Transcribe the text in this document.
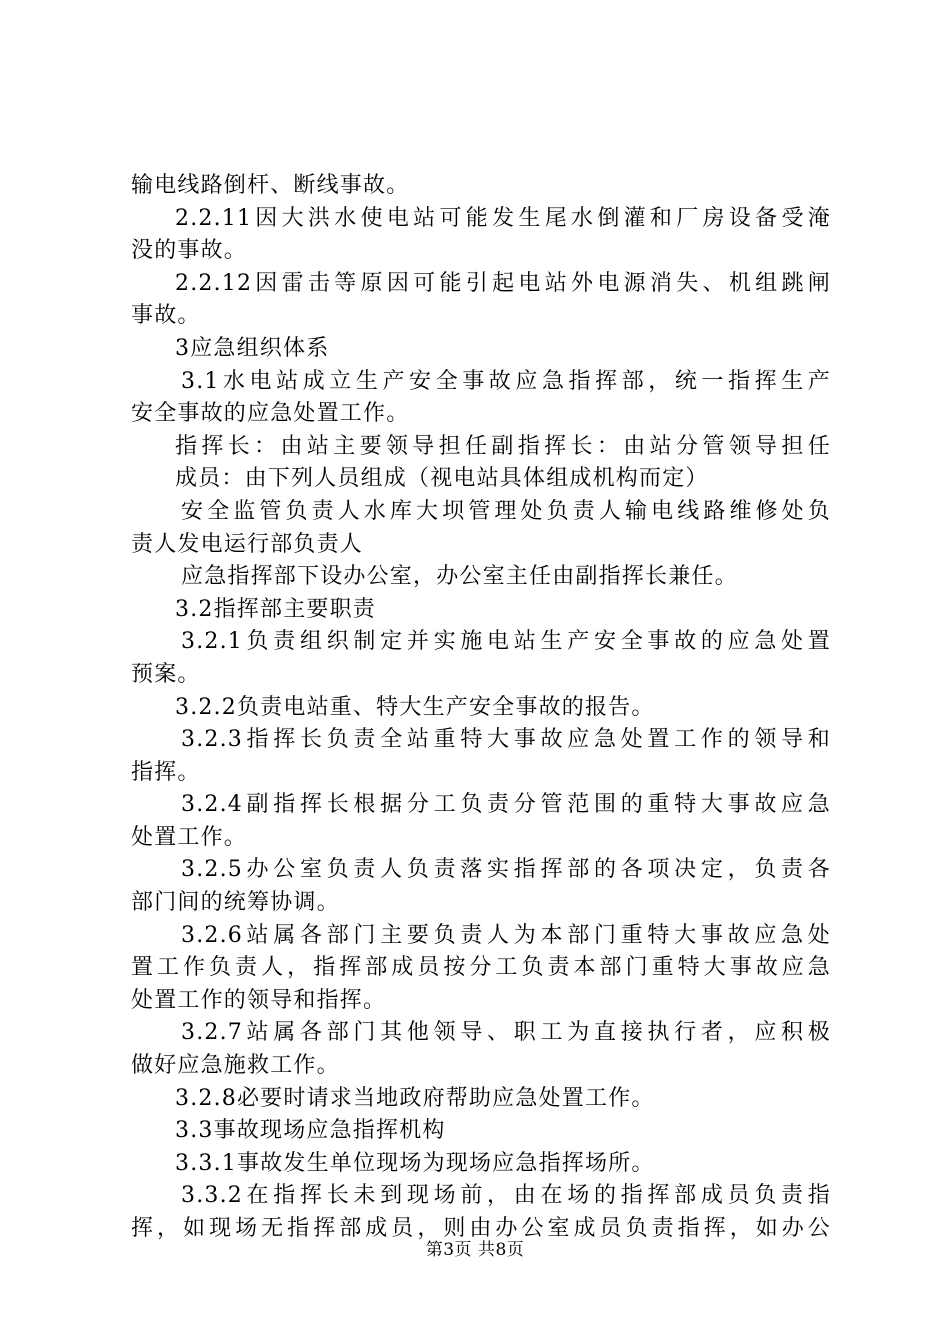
输电线路倒杆、断线事故。
2.2.11因大洪水使电站可能发生尾水倒灌和厂房设备受淹
没的事故。
2.2.12因雷击等原因可能引起电站外电源消失、机组跳闸
事故。
3应急组织体系
3.1水电站成立生产安全事故应急指挥部，统一指挥生产
安全事故的应急处置工作。
指挥长：由站主要领导担任副指挥长：由站分管领导担任
成员：由下列人员组成（视电站具体组成机构而定）
安全监管负责人水库大坝管理处负责人输电线路维修处负
责人发电运行部负责人
应急指挥部下设办公室，办公室主任由副指挥长兼任。
3.2指挥部主要职责
3.2.1负责组织制定并实施电站生产安全事故的应急处置
预案。
3.2.2负责电站重、特大生产安全事故的报告。
3.2.3指挥长负责全站重特大事故应急处置工作的领导和
指挥。
3.2.4副指挥长根据分工负责分管范围的重特大事故应急
处置工作。
3.2.5办公室负责人负责落实指挥部的各项决定，负责各
部门间的统筹协调。
3.2.6站属各部门主要负责人为本部门重特大事故应急处
置工作负责人，指挥部成员按分工负责本部门重特大事故应急
处置工作的领导和指挥。
3.2.7站属各部门其他领导、职工为直接执行者，应积极
做好应急施救工作。
3.2.8必要时请求当地政府帮助应急处置工作。
3.3事故现场应急指挥机构
3.3.1事故发生单位现场为现场应急指挥场所。
3.3.2在指挥长未到现场前，由在场的指挥部成员负责指
挥，如现场无指挥部成员，则由办公室成员负责指挥，如办公
第3页 共8页
